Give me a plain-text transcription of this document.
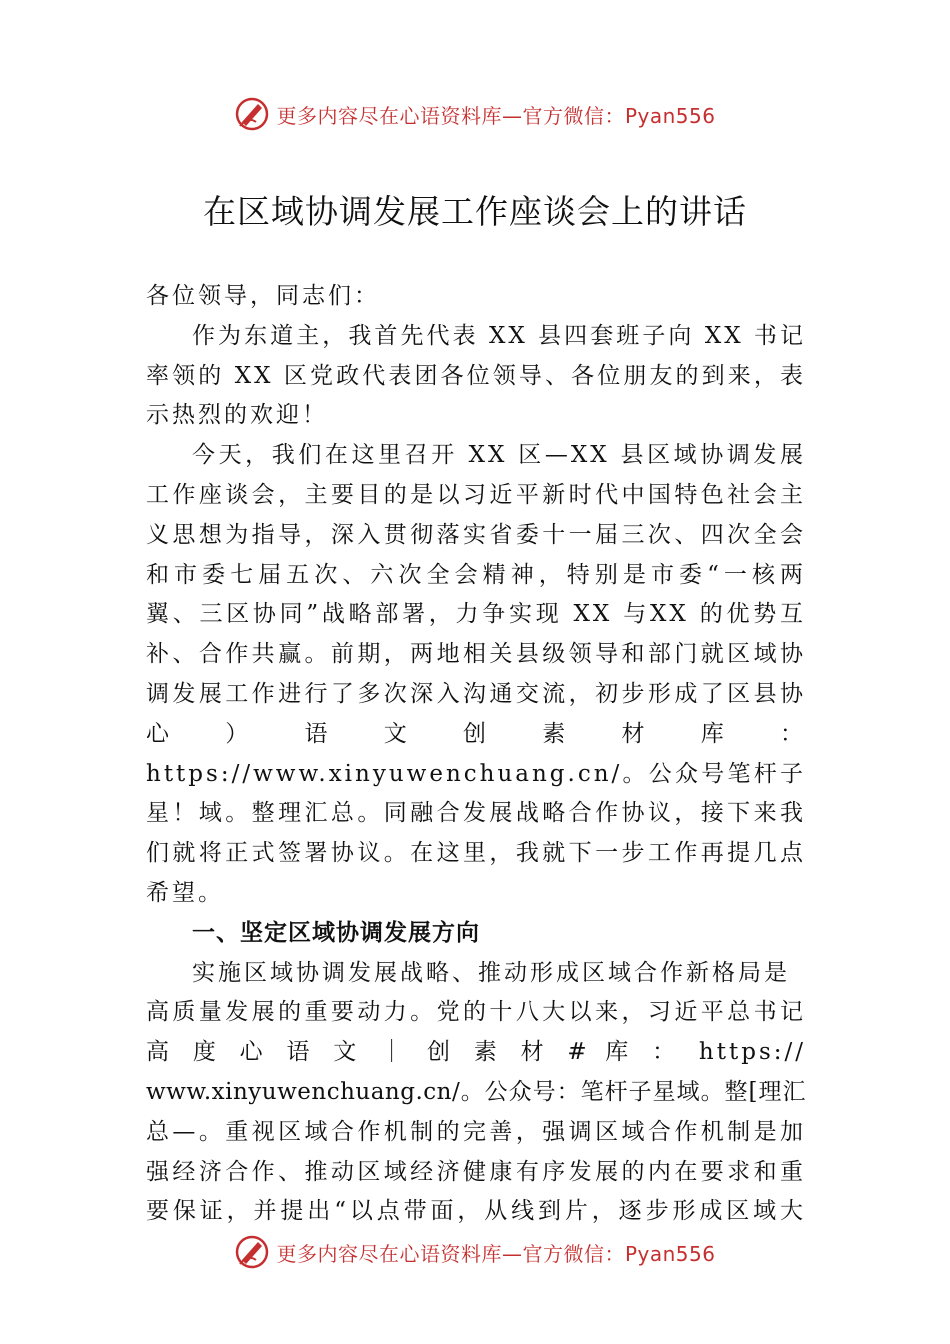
更多内容尽在心语资料库—官方微信：Pyan556
在区域协调发展工作座谈会上的讲话

各位领导，同志们：

作为东道主，我首先代表 XX 县四套班子向 XX 书记率领的 XX 区党政代表团各位领导、各位朋友的到来，表示热烈的欢迎！

今天，我们在这里召开 XX 区—XX 县区域协调发展工作座谈会，主要目的是以习近平新时代中国特色社会主义思想为指导，深入贯彻落实省委十一届三次、四次全会和市委七届五次、六次全会精神，特别是市委“一核两翼、三区协同”战略部署，力争实现 XX 与XX 的优势互补、合作共赢。前期，两地相关县级领导和部门就区域协调发展工作进行了多次深入沟通交流，初步形成了区县协心）语文创素材库：https://www.xinyuwenchuang.cn/。公众号笔杆子星！域。整理汇总。同融合发展战略合作协议，接下来我们就将正式签署协议。在这里，我就下一步工作再提几点希望。

一、坚定区域协调发展方向

实施区域协调发展战略、推动形成区域合作新格局是

高质量发展的重要动力。党的十八大以来，习近平总书记

高 度 心 语 文 ｜ 创 素 材 # 库 ： https://

www.xinyuwenchuang.cn/。公众号：笔杆子星域。整[理汇

总—。重视区域合作机制的完善，强调区域合作机制是加

强经济合作、推动区域经济健康有序发展的内在要求和重

要保证，并提出“以点带面，从线到片，逐步形成区域大

更多内容尽在心语资料库—官方微信：Pyan556
